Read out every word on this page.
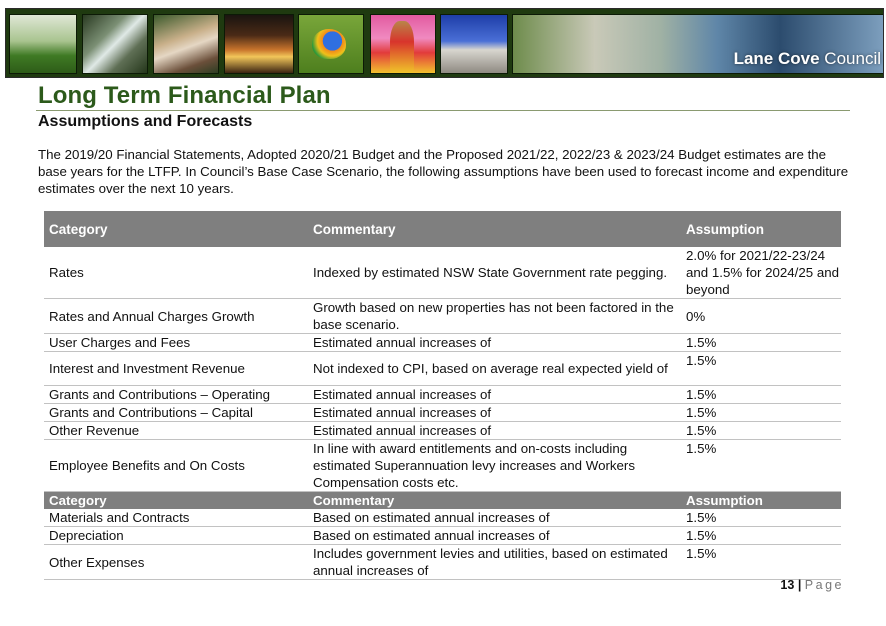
Lane Cove Council
Long Term Financial Plan
Assumptions and Forecasts

The 2019/20 Financial Statements, Adopted 2020/21 Budget and the Proposed 2021/22, 2022/23 & 2023/24 Budget estimates are the base years for the LTFP. In Council’s Base Case Scenario, the following assumptions have been used to forecast income and expenditure estimates over the next 10 years.

Category	Commentary	Assumption
Rates	Indexed by estimated NSW State Government rate pegging.	2.0% for 2021/22-23/24 and 1.5% for 2024/25 and beyond
Rates and Annual Charges Growth	Growth based on new properties has not been factored in the base scenario.	0%
User Charges and Fees	Estimated annual increases of	1.5%
Interest and Investment Revenue	Not indexed to CPI, based on average real expected yield of	1.5%
Grants and Contributions – Operating	Estimated annual increases of	1.5%
Grants and Contributions – Capital	Estimated annual increases of	1.5%
Other Revenue	Estimated annual increases of	1.5%
Employee Benefits and On Costs	In line with award entitlements and on-costs including estimated Superannuation levy increases and Workers Compensation costs etc.	1.5%
Category	Commentary	Assumption
Materials and Contracts	Based on estimated annual increases of	1.5%
Depreciation	Based on estimated annual increases of	1.5%
Other Expenses	Includes government levies and utilities, based on estimated annual increases of	1.5%
13 | Page
